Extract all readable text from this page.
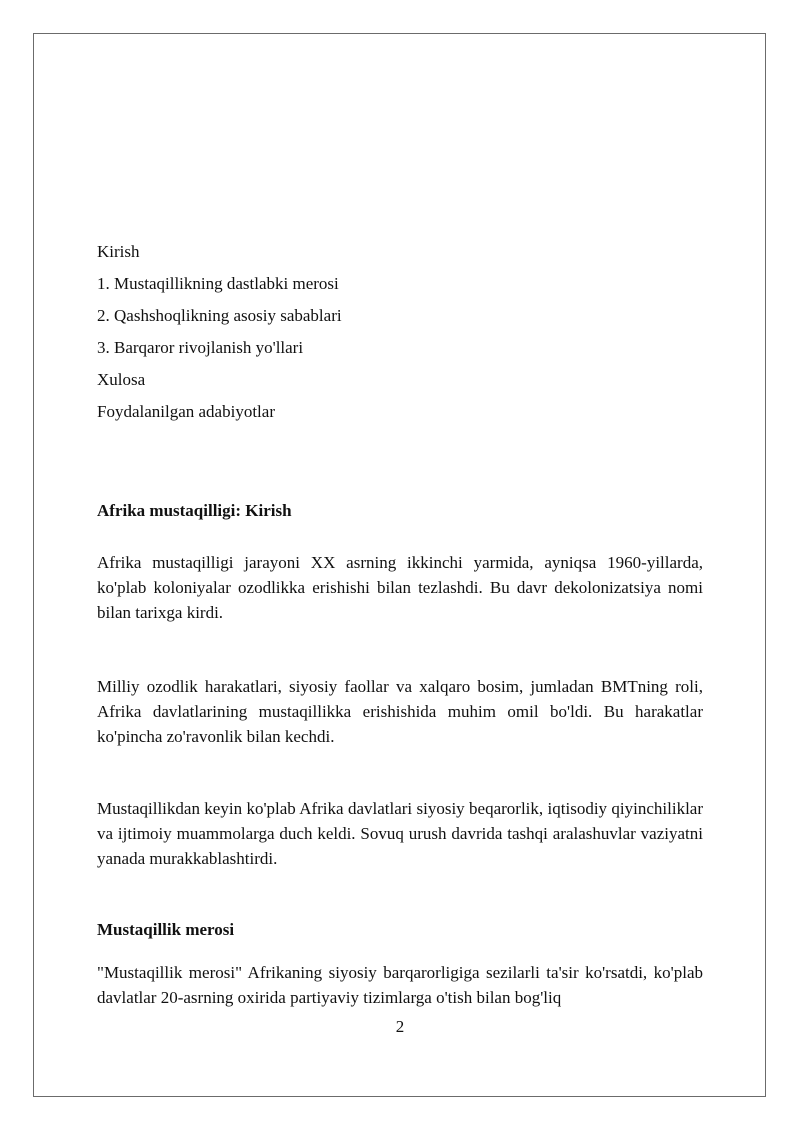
Kirish
1. Mustaqillikning dastlabki merosi
2. Qashshoqlikning asosiy sabablari
3. Barqaror rivojlanish yo'llari
Xulosa
Foydalanilgan adabiyotlar
Afrika mustaqilligi: Kirish
Afrika mustaqilligi jarayoni XX asrning ikkinchi yarmida, ayniqsa 1960-yillarda, ko'plab koloniyalar ozodlikka erishishi bilan tezlashdi. Bu davr dekolonizatsiya nomi bilan tarixga kirdi.
Milliy ozodlik harakatlari, siyosiy faollar va xalqaro bosim, jumladan BMTning roli, Afrika davlatlarining mustaqillikka erishishida muhim omil bo'ldi. Bu harakatlar ko'pincha zo'ravonlik bilan kechdi.
Mustaqillikdan keyin ko'plab Afrika davlatlari siyosiy beqarorlik, iqtisodiy qiyinchiliklar va ijtimoiy muammolarga duch keldi. Sovuq urush davrida tashqi aralashuvlar vaziyatni yanada murakkablashtirdi.
Mustaqillik merosi
"Mustaqillik merosi" Afrikaning siyosiy barqarorligiga sezilarli ta'sir ko'rsatdi, ko'plab davlatlar 20-asrning oxirida partiyaviy tizimlarga o'tish bilan bog'liq
2
